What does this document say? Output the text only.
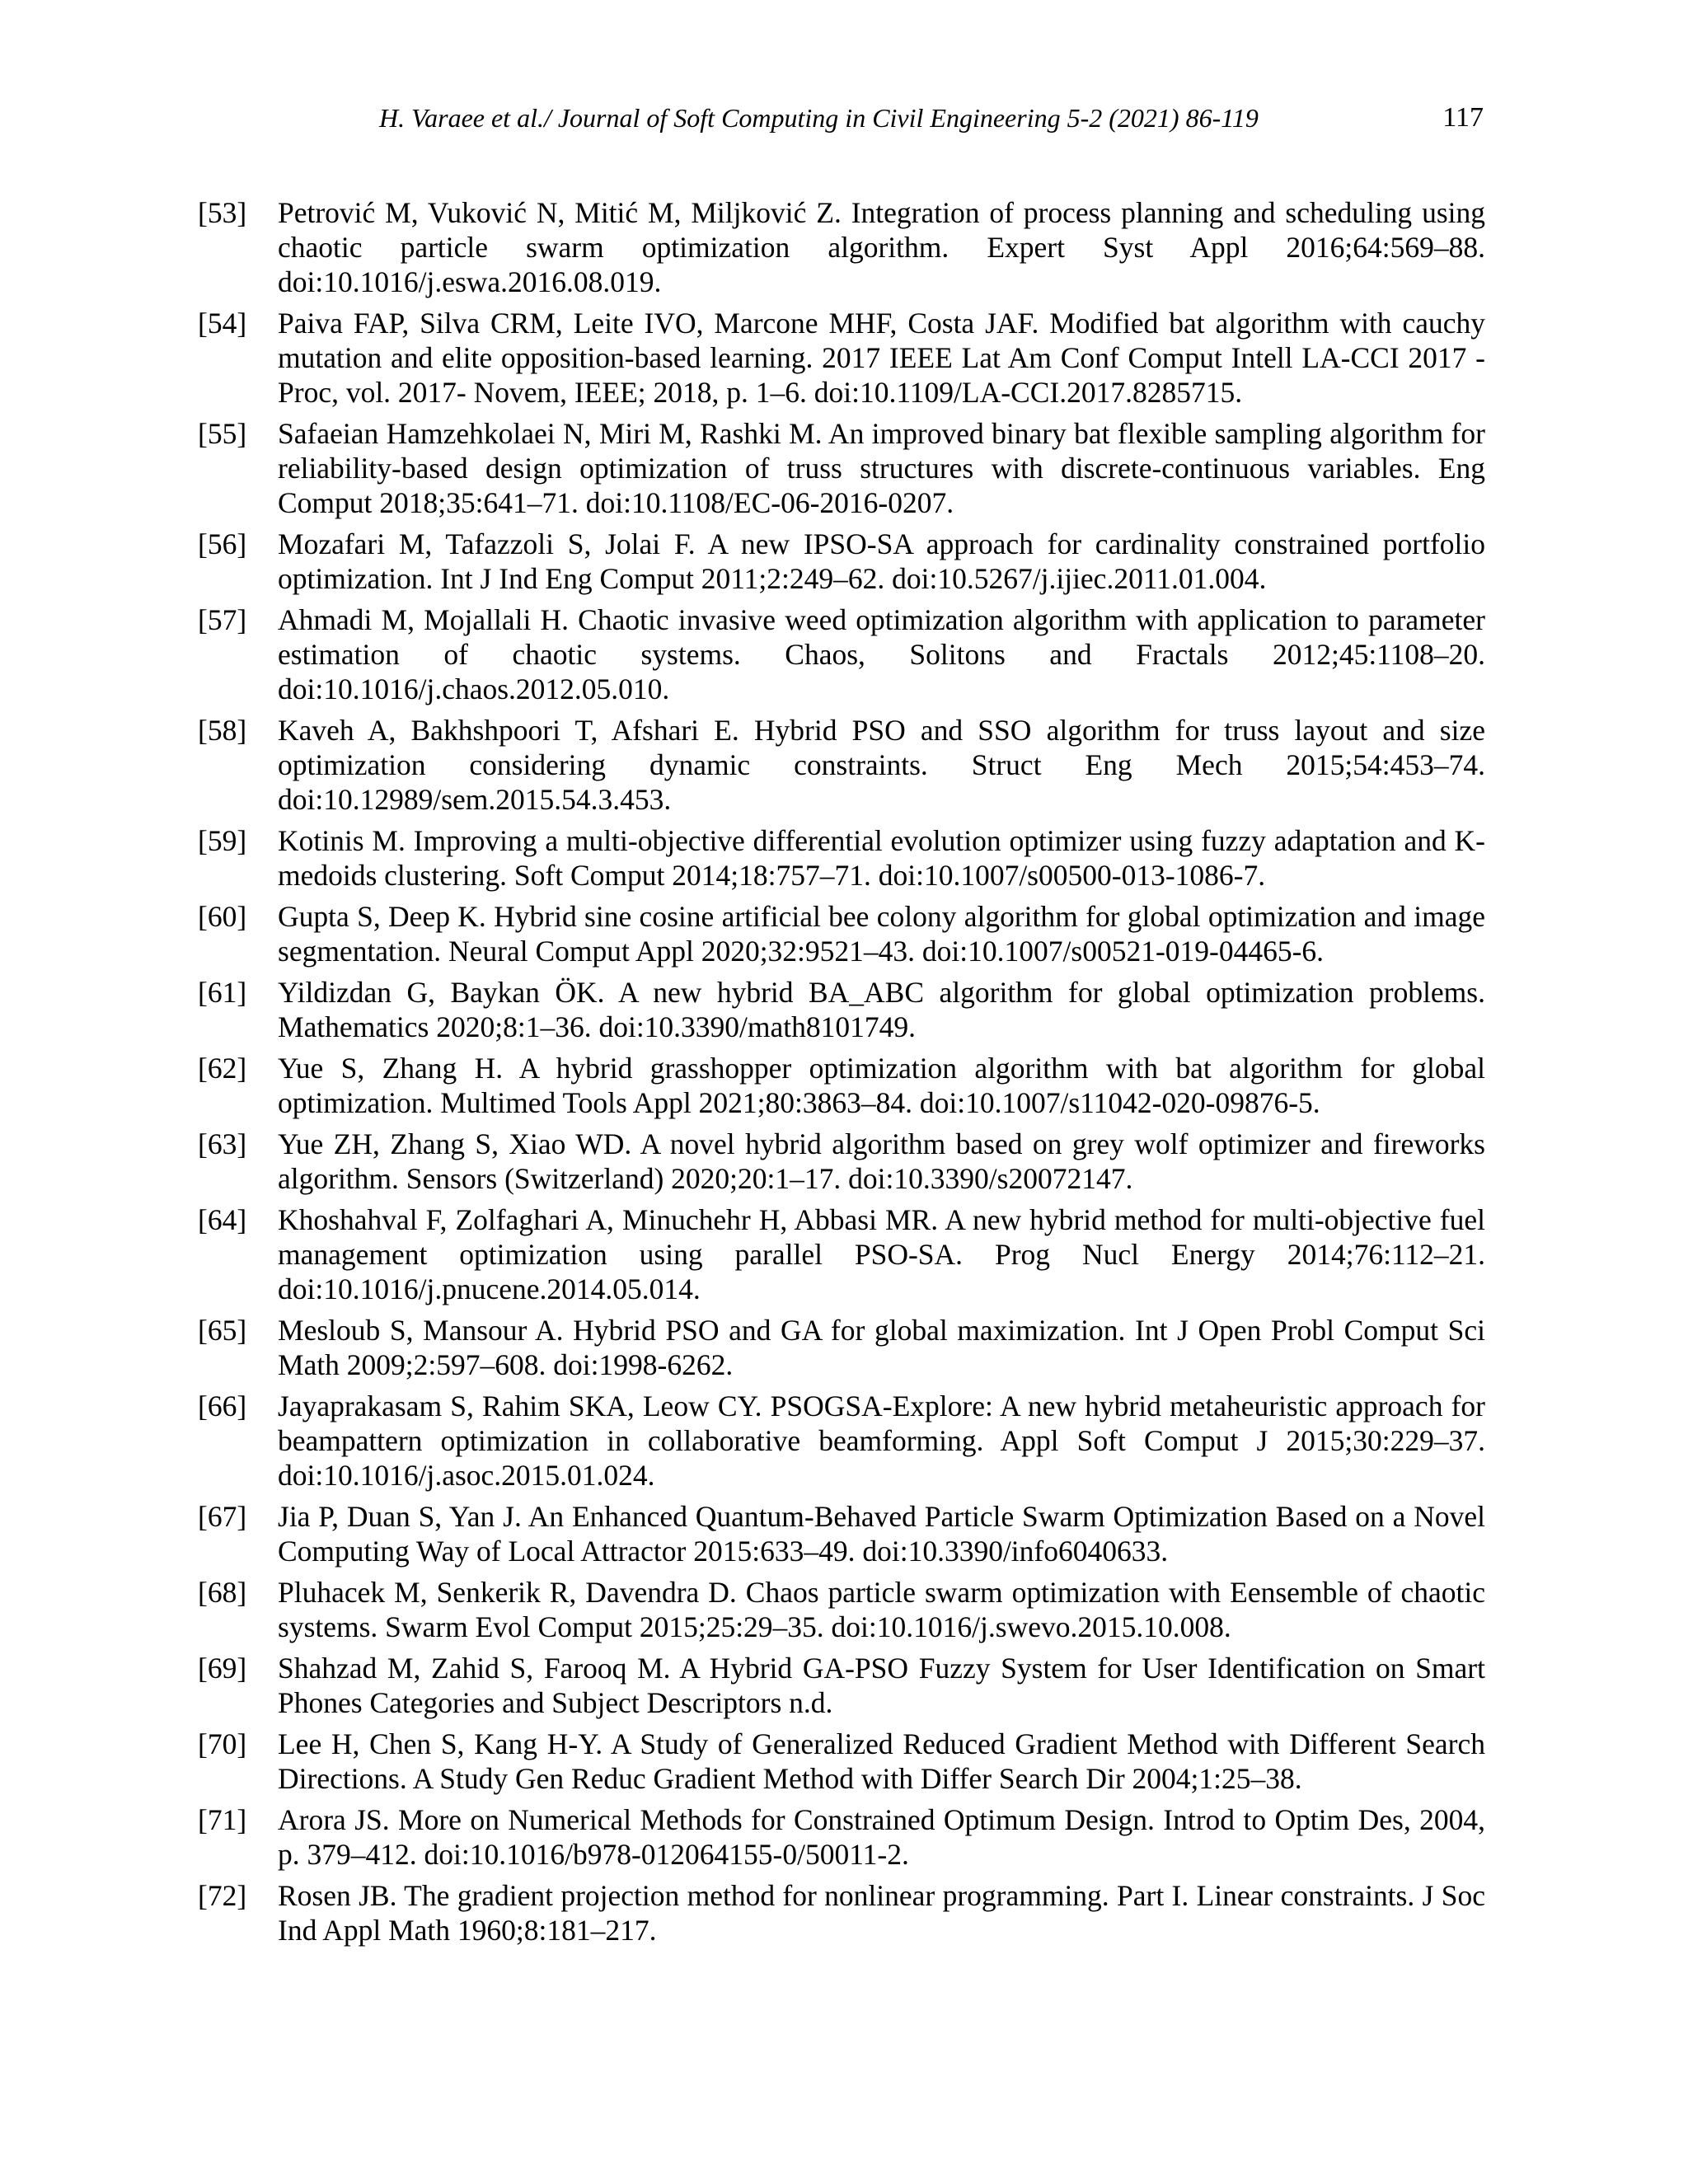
H. Varaee et al./ Journal of Soft Computing in Civil Engineering 5-2 (2021) 86-119	117
[53] Petrović M, Vuković N, Mitić M, Miljković Z. Integration of process planning and scheduling using chaotic particle swarm optimization algorithm. Expert Syst Appl 2016;64:569–88. doi:10.1016/j.eswa.2016.08.019.
[54] Paiva FAP, Silva CRM, Leite IVO, Marcone MHF, Costa JAF. Modified bat algorithm with cauchy mutation and elite opposition-based learning. 2017 IEEE Lat Am Conf Comput Intell LA-CCI 2017 - Proc, vol. 2017- Novem, IEEE; 2018, p. 1–6. doi:10.1109/LA-CCI.2017.8285715.
[55] Safaeian Hamzehkolaei N, Miri M, Rashki M. An improved binary bat flexible sampling algorithm for reliability-based design optimization of truss structures with discrete-continuous variables. Eng Comput 2018;35:641–71. doi:10.1108/EC-06-2016-0207.
[56] Mozafari M, Tafazzoli S, Jolai F. A new IPSO-SA approach for cardinality constrained portfolio optimization. Int J Ind Eng Comput 2011;2:249–62. doi:10.5267/j.ijiec.2011.01.004.
[57] Ahmadi M, Mojallali H. Chaotic invasive weed optimization algorithm with application to parameter estimation of chaotic systems. Chaos, Solitons and Fractals 2012;45:1108–20. doi:10.1016/j.chaos.2012.05.010.
[58] Kaveh A, Bakhshpoori T, Afshari E. Hybrid PSO and SSO algorithm for truss layout and size optimization considering dynamic constraints. Struct Eng Mech 2015;54:453–74. doi:10.12989/sem.2015.54.3.453.
[59] Kotinis M. Improving a multi-objective differential evolution optimizer using fuzzy adaptation and K-medoids clustering. Soft Comput 2014;18:757–71. doi:10.1007/s00500-013-1086-7.
[60] Gupta S, Deep K. Hybrid sine cosine artificial bee colony algorithm for global optimization and image segmentation. Neural Comput Appl 2020;32:9521–43. doi:10.1007/s00521-019-04465-6.
[61] Yildizdan G, Baykan ÖK. A new hybrid BA_ABC algorithm for global optimization problems. Mathematics 2020;8:1–36. doi:10.3390/math8101749.
[62] Yue S, Zhang H. A hybrid grasshopper optimization algorithm with bat algorithm for global optimization. Multimed Tools Appl 2021;80:3863–84. doi:10.1007/s11042-020-09876-5.
[63] Yue ZH, Zhang S, Xiao WD. A novel hybrid algorithm based on grey wolf optimizer and fireworks algorithm. Sensors (Switzerland) 2020;20:1–17. doi:10.3390/s20072147.
[64] Khoshahval F, Zolfaghari A, Minuchehr H, Abbasi MR. A new hybrid method for multi-objective fuel management optimization using parallel PSO-SA. Prog Nucl Energy 2014;76:112–21. doi:10.1016/j.pnucene.2014.05.014.
[65] Mesloub S, Mansour A. Hybrid PSO and GA for global maximization. Int J Open Probl Comput Sci Math 2009;2:597–608. doi:1998-6262.
[66] Jayaprakasam S, Rahim SKA, Leow CY. PSOGSA-Explore: A new hybrid metaheuristic approach for beampattern optimization in collaborative beamforming. Appl Soft Comput J 2015;30:229–37. doi:10.1016/j.asoc.2015.01.024.
[67] Jia P, Duan S, Yan J. An Enhanced Quantum-Behaved Particle Swarm Optimization Based on a Novel Computing Way of Local Attractor 2015:633–49. doi:10.3390/info6040633.
[68] Pluhacek M, Senkerik R, Davendra D. Chaos particle swarm optimization with Eensemble of chaotic systems. Swarm Evol Comput 2015;25:29–35. doi:10.1016/j.swevo.2015.10.008.
[69] Shahzad M, Zahid S, Farooq M. A Hybrid GA-PSO Fuzzy System for User Identification on Smart Phones Categories and Subject Descriptors n.d.
[70] Lee H, Chen S, Kang H-Y. A Study of Generalized Reduced Gradient Method with Different Search Directions. A Study Gen Reduc Gradient Method with Differ Search Dir 2004;1:25–38.
[71] Arora JS. More on Numerical Methods for Constrained Optimum Design. Introd to Optim Des, 2004, p. 379–412. doi:10.1016/b978-012064155-0/50011-2.
[72] Rosen JB. The gradient projection method for nonlinear programming. Part I. Linear constraints. J Soc Ind Appl Math 1960;8:181–217.
